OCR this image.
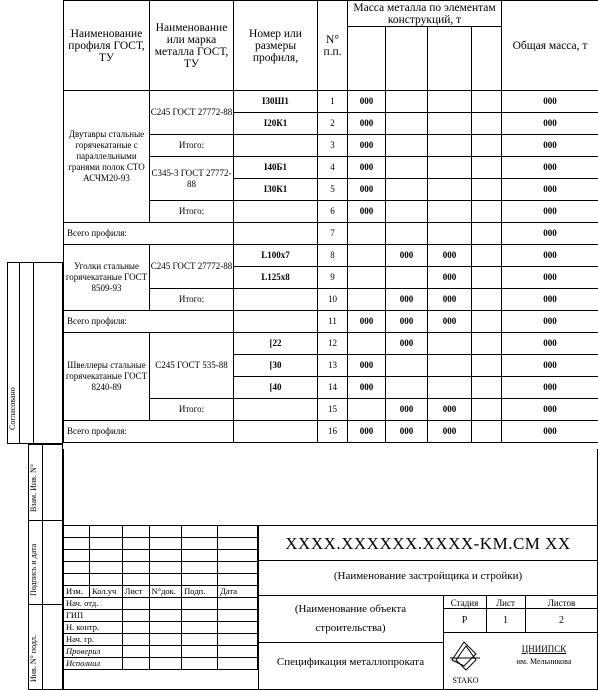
Наименование профиля ГОСТ, ТУ	Наименование или марка металла ГОСТ, ТУ	Номер или размеры профиля,	N° п.п.	Масса металла по элементам конструкций, т				Общая масса, т

Двутавры стальные горячекатаные с параллельными гранями полок СТО АСЧМ20-93	С245 ГОСТ 27772-88	I30Ш1	1	000				000
		I20К1	2	000				000
	Итого:		3	000				000
	С345-3 ГОСТ 27772-88	I40Б1	4	000				000
		I30К1	5	000				000
	Итого:		6	000				000
Всего профиля:			7					000
Уголки стальные горячекатаные ГОСТ 8509-93	С245 ГОСТ 27772-88	L100x7	8		000	000		000
		L125x8	9			000		000
	Итого:		10		000	000		000
Всего профиля:			11	000	000	000		000
Швеллеры стальные горячекатаные ГОСТ 8240-89	С245 ГОСТ 535-88	[22	12		000			000
		[30	13	000				000
		[40	14	000				000
	Итого:		15		000	000		000
Всего профиля:			16	000	000	000		000
Согласовано
Взам. Инв. N°
Подпись и дата
Инв. N° подл.
XXXX.XXXXXX.XXXX-KM.CM XX
(Наименование застройщика и стройки)
(Наименование объекта
строительства)
Спецификация металлопроката
Стадия	Лист	Листов
Р	1	2
STAKO
ЦНИИПСК
им. Мельникова

Изм.	Кол.уч	Лист	N°док.	Подп.	Дата
Нач. отд.					
ГИП					
Н. контр.					
Нач. гр.					
Проверил					
Исполнил					
